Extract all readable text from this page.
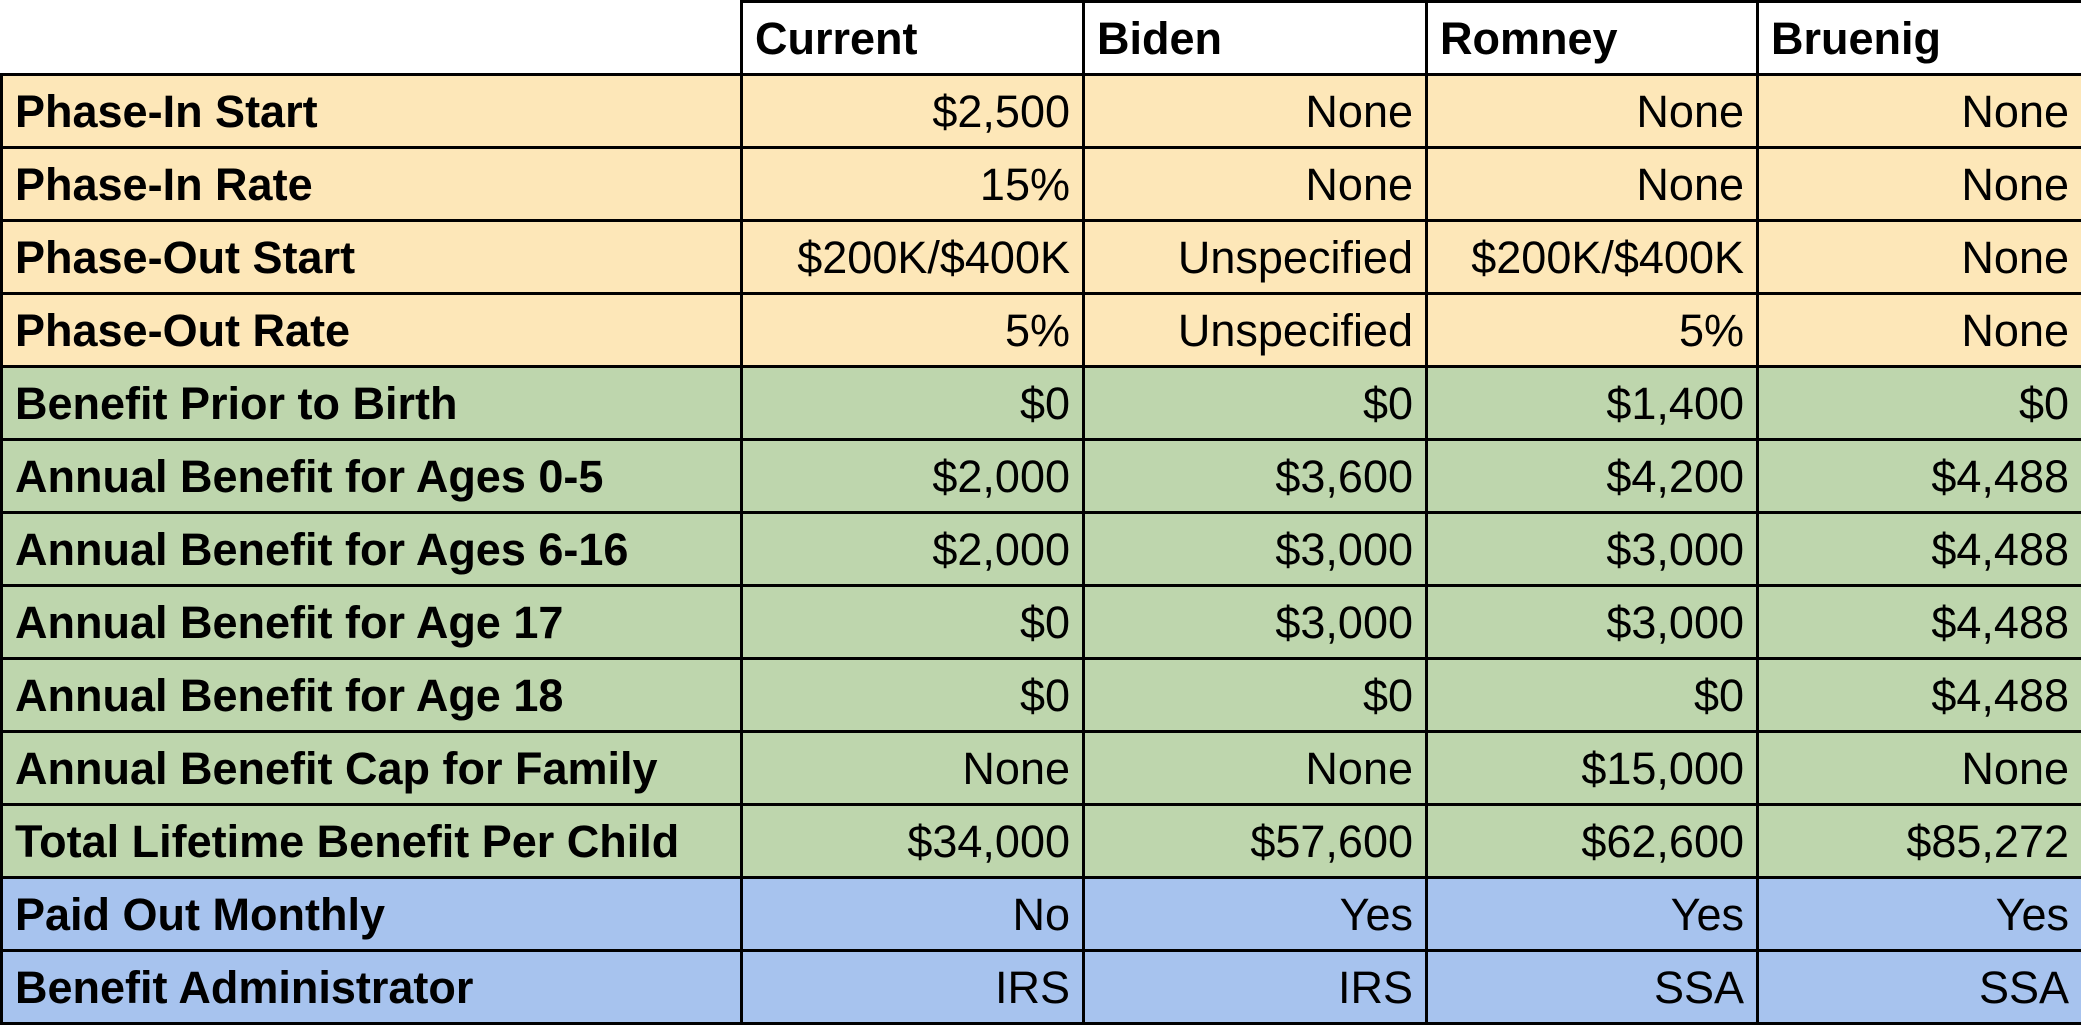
	Current	Biden	Romney	Bruenig
Phase-In Start	$2,500	None	None	None
Phase-In Rate	15%	None	None	None
Phase-Out Start	$200K/$400K	Unspecified	$200K/$400K	None
Phase-Out Rate	5%	Unspecified	5%	None
Benefit Prior to Birth	$0	$0	$1,400	$0
Annual Benefit for Ages 0-5	$2,000	$3,600	$4,200	$4,488
Annual Benefit for Ages 6-16	$2,000	$3,000	$3,000	$4,488
Annual Benefit for Age 17	$0	$3,000	$3,000	$4,488
Annual Benefit for Age 18	$0	$0	$0	$4,488
Annual Benefit Cap for Family	None	None	$15,000	None
Total Lifetime Benefit Per Child	$34,000	$57,600	$62,600	$85,272
Paid Out Monthly	No	Yes	Yes	Yes
Benefit Administrator	IRS	IRS	SSA	SSA
